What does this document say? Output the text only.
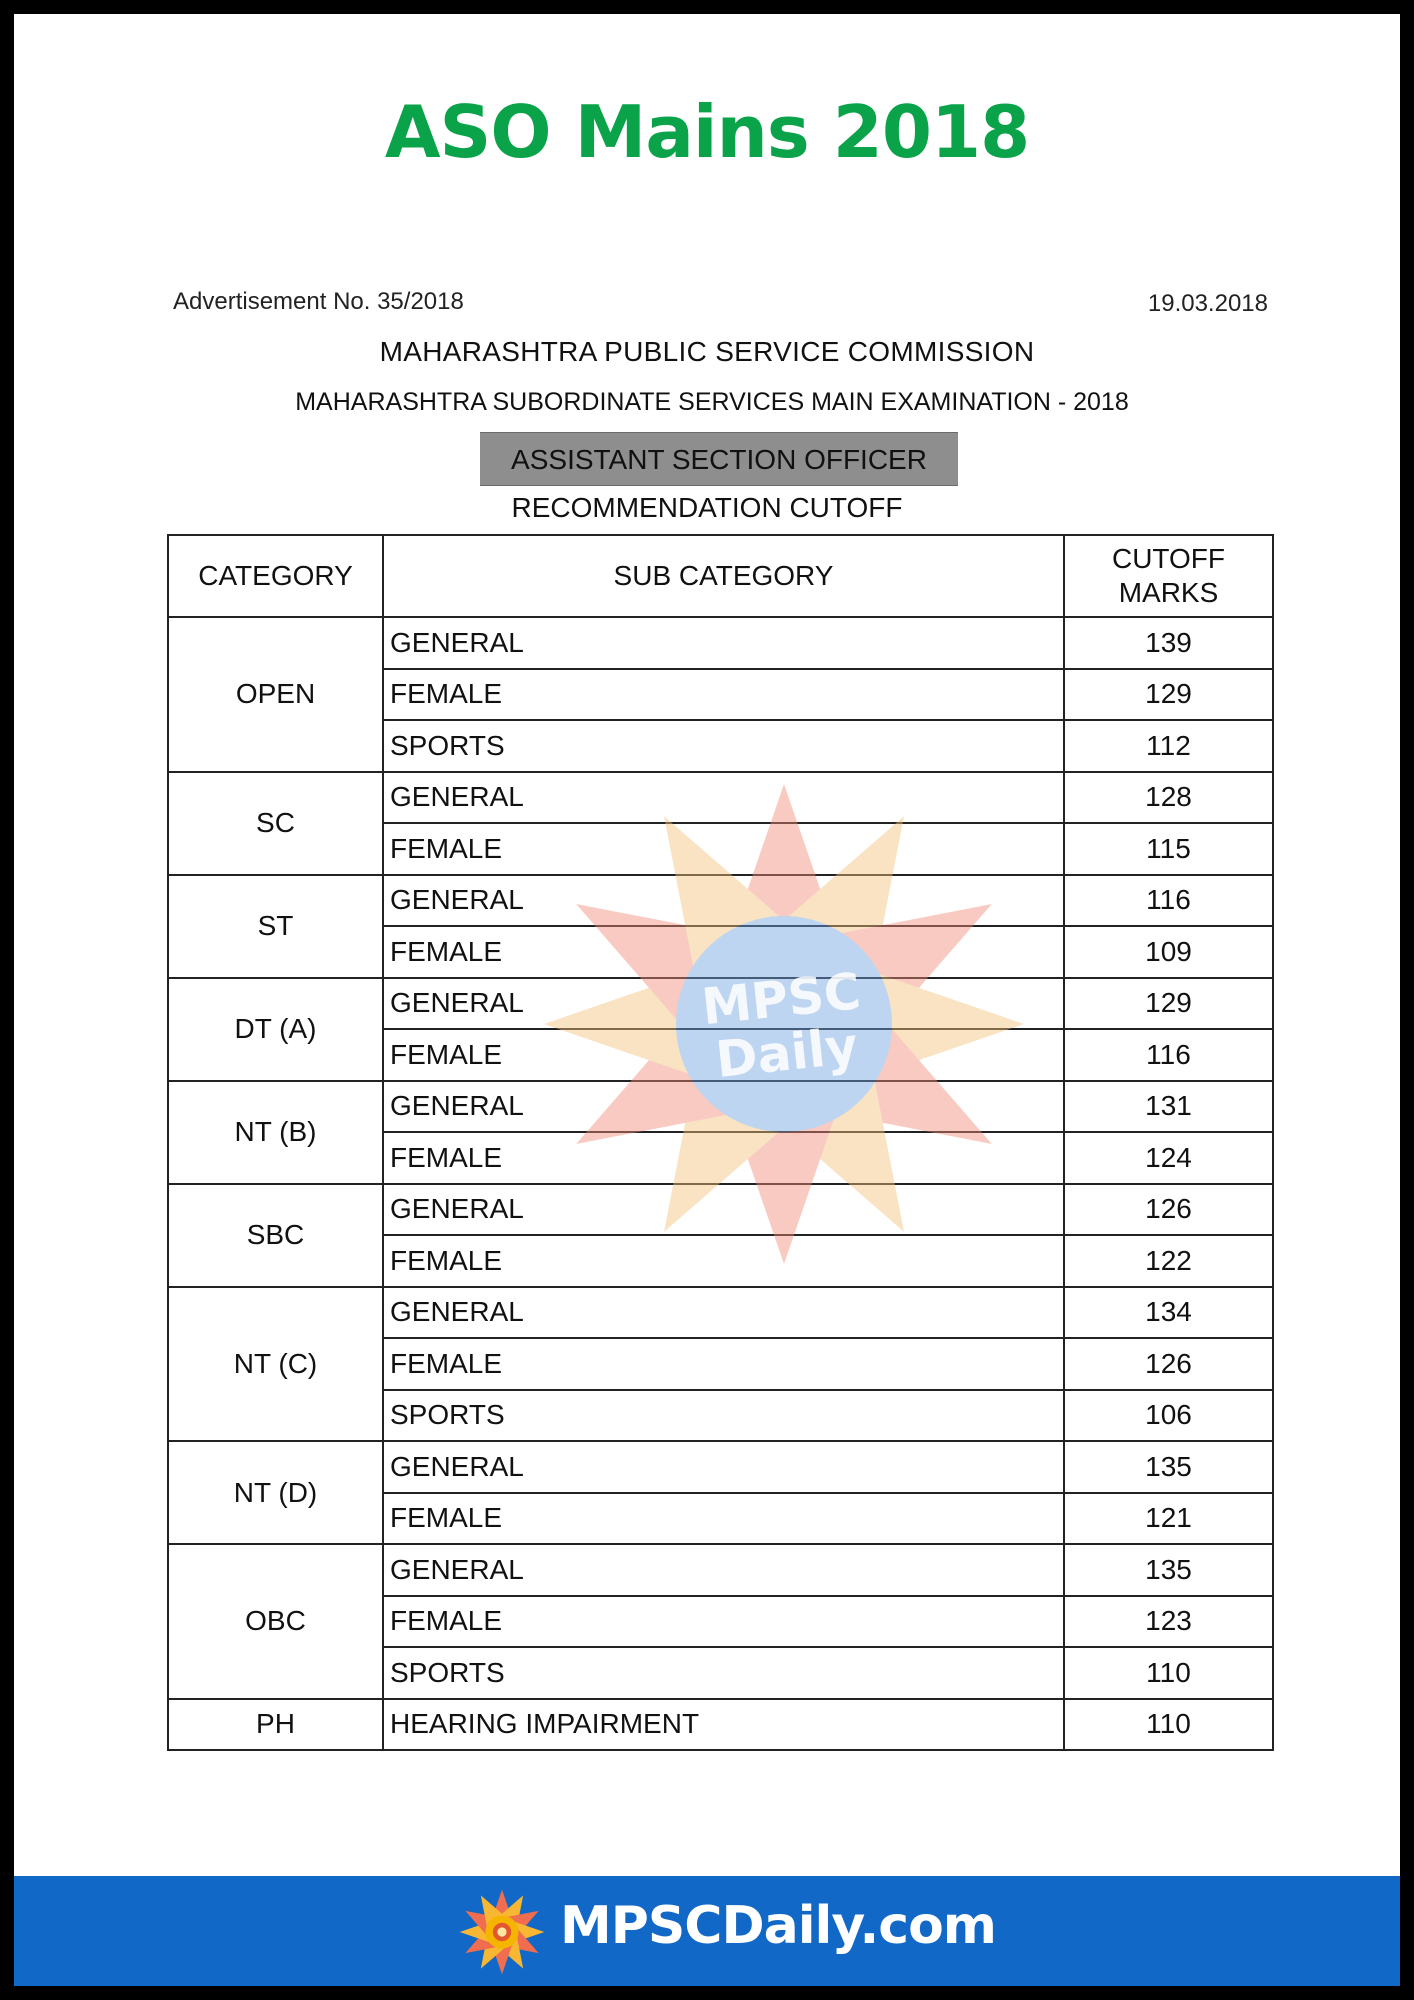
ASO Mains 2018
Advertisement No. 35/2018	19.03.2018
MAHARASHTRA PUBLIC SERVICE COMMISSION
MAHARASHTRA SUBORDINATE SERVICES MAIN EXAMINATION - 2018
ASSISTANT SECTION OFFICER
RECOMMENDATION CUTOFF
CATEGORY	SUB CATEGORY	CUTOFF
MARKS
OPEN	GENERAL	139
	FEMALE	129
	SPORTS	112
SC	GENERAL	128
	FEMALE	115
ST	GENERAL	116
	FEMALE	109
DT (A)	GENERAL	129
	FEMALE	116
NT (B)	GENERAL	131
	FEMALE	124
SBC	GENERAL	126
	FEMALE	122
NT (C)	GENERAL	134
	FEMALE	126
	SPORTS	106
NT (D)	GENERAL	135
	FEMALE	121
OBC	GENERAL	135
	FEMALE	123
	SPORTS	110
PH	HEARING IMPAIRMENT	110
MPSC
Daily
MPSCDaily.com
